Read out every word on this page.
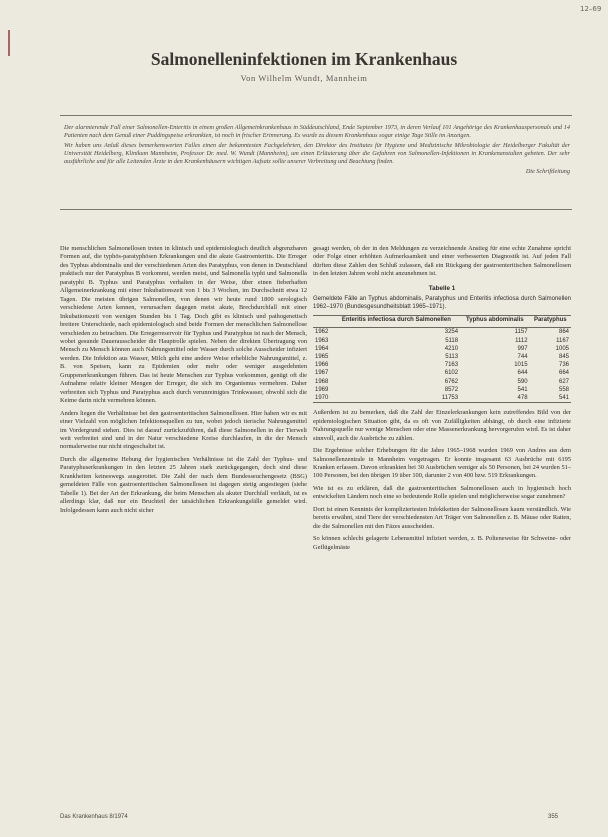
12–69
Salmonelleninfektionen im Krankenhaus
Von Wilhelm Wundt, Mannheim

Der alarmierende Fall einer Salmonellen-Enteritis in einem großen Allgemeinkrankenhaus in Süddeutschland, Ende September 1973, in deren Verlauf 101 Angehörige des Krankenhauspersonals und 14 Patienten nach dem Genuß einer Puddingspeise erkrankten, ist noch in frischer Erinnerung. Es wurde zu diesem Krankenhaus sogar einige Tage Stille im Anzeigen.

Wir haben uns Anlaß dieses bemerkenswerten Falles einen der bekanntesten Fachgelehrten, den Direktor des Institutes für Hygiene und Medizinische Mikrobiologie der Heidelberger Fakultät der Universität Heidelberg, Klinikum Mannheim, Professor Dr. med. W. Wundt (Mannheim), um einen Erläuterung über die Gefahren von Salmonellen-Infektionen in Krankenanstalten gebeten. Der sehr ausführliche und für alle Leitenden Ärzte in den Krankenhäusern wichtigen Aufsatz sollte unserer Verbreitung und Beachtung finden.

Die Schriftleitung

Die menschlichen Salmonellosen treten in klinisch und epidemiologisch deutlich abgrenzbaren Formen auf, die typhös-paratyphösen Erkrankungen und die akute Gastroenteritis. Die Erreger des Typhus abdominalis und der verschiedenen Arten des Paratyphus, von denen in Deutschland praktisch nur der Paratyphus B vorkommt, werden meist, und Salmonella typhi und Salmonella paratyphi B. Typhus und Paratyphus verhalten in der Weise, über einen fieberhaften Allgemeinerkrankung mit einer Inkubationszeit von 1 bis 3 Wochen, im Durchschnitt etwa 12 Tagen. Die meisten übrigen Salmonellen, von denen wir heute rund 1800 serologisch verschiedene Arten kennen, verursachen dagegen meist akute, Brechdurchfall mit einer Inkubationszeit von wenigen Stunden bis 1 Tag. Doch gibt es klinisch und pathogenetisch breitere Unterschiede, nach epidemiologisch sind beide Formen der menschlichen Salmonellose verschieden zu betrachten. Die Erregerreservoir für Typhus und Paratyphus ist nach der Mensch, wobei gesunde Dauerausscheider die Hauptrolle spielen. Neben der direkten Übertragung von Mensch zu Mensch können auch Nahrungsmittel oder Wasser durch solche Ausscheider infiziert werden. Die Infektion aus Wasser, Milch geht eine andere Weise erhebliche Nahrungsmittel, z. B. von Speisen, kann zu Epidemien oder mehr oder weniger ausgedehnten Gruppenerkrankungen führen. Das ist heute Menschen zur Typhus vorkommen, genügt oft die Aufnahme relativ kleiner Mengen der Erreger, die sich im Organismus vermehren. Daher verbreiten sich Typhus und Paratyphus auch durch verunreinigtes Trinkwasser, obwohl sich die Keime darin nicht vermehren können.

Anders liegen die Verhältnisse bei den gastroenteritischen Salmonellosen. Hier haben wir es mit einer Vielzahl von möglichen Infektionsquellen zu tun, wobei jedoch tierische Nahrungsmittel im Vordergrund stehen. Dies ist darauf zurückzuführen, daß diese Salmonellen in der Tierwelt weit verbreitet sind und in der Natur verschiedene Kreise durchlaufen, in die der Mensch normalerweise nur nicht eingeschaltet ist.

Durch die allgemeine Hebung der hygienischen Verhältnisse ist die Zahl der Typhus- und Paratyphuserkrankungen in den letzten 25 Jahren stark zurückgegangen, doch sind diese Krankheiten keineswegs ausgerottet. Die Zahl der nach dem Bundesseuchengesetz (BSG) gemeldeten Fälle von gastroenteritischen Salmonellosen ist dagegen stetig angestiegen (siehe Tabelle 1). Bei der Art der Erkrankung, die beim Menschen als akuter Durchfall verläuft, ist es allerdings klar, daß nur ein Bruchteil der tatsächlichen Erkrankungsfälle gemeldet wird. Infolgedessen kann auch nicht sicher

gesagt werden, ob der in den Meldungen zu verzeichnende Anstieg für eine echte Zunahme spricht oder Folge einer erhöhten Aufmerksamkeit und einer verbesserten Diagnostik ist. Auf jeden Fall dürften diese Zahlen den Schluß zulassen, daß ein Rückgang der gastroenteritischen Salmonellosen in den letzten Jahren wohl nicht anzunehmen ist.

Tabelle 1
Gemeldete Fälle an Typhus abdominalis, Paratyphus und Enteritis infectiosa durch Salmonellen 1962–1970 (Bundesgesundheitsblatt 1965–1971).
	Enteritis infectiosa durch Salmonellen	Typhus abdominalis	Paratyphus
1962	3254	1157	864
1963	5118	1112	1167
1964	4210	997	1005
1965	5113	744	845
1966	7163	1015	736
1967	6102	644	664
1968	6762	590	627
1969	8572	541	558
1970	11753	478	541

Außerdem ist zu bemerken, daß die Zahl der Einzelerkrankungen kein zutreffendes Bild von der epidemiologischen Situation gibt, da es oft von Zufälligkeiten abhängt, ob durch eine infizierte Nahrungsquelle nur wenige Menschen oder eine Massenerkrankung hervorgerufen wird. Es ist daher sinnvoll, auch die Ausbrüche zu zählen.

Die Ergebnisse solcher Erhebungen für die Jahre 1965–1968 wurden 1969 von Andres aus dem Salmonellenzentrale in Mannheim vorgetragen. Er konnte insgesamt 63 Ausbrüche mit 6195 Kranken erfassen. Davon erkrankten bei 30 Ausbrüchen weniger als 50 Personen, bei 24 wurden 51–100 Personen, bei den übrigen 19 über 100, darunter 2 von 400 bzw. 519 Erkrankungen.

Wie ist es zu erklären, daß die gastroenteritischen Salmonellosen auch in hygienisch hoch entwickelten Ländern noch eine so bedeutende Rolle spielen und möglicherweise sogar zunehmen?

Dort ist einen Kenntnis der kompliziertesten Infektketten der Salmonellosen kaum verständlich. Wie bereits erwähnt, sind Tiere der verschiedensten Art Träger von Salmonellen z. B. Mäuse oder Ratten, die die Salmonellen mit den Fäzes ausscheiden.

So können schlecht gelagerte Lebensmittel infiziert werden, z. B. Polteneweise für Schweine- oder Geflügelmäste

Das Krankenhaus 8/1974	355
